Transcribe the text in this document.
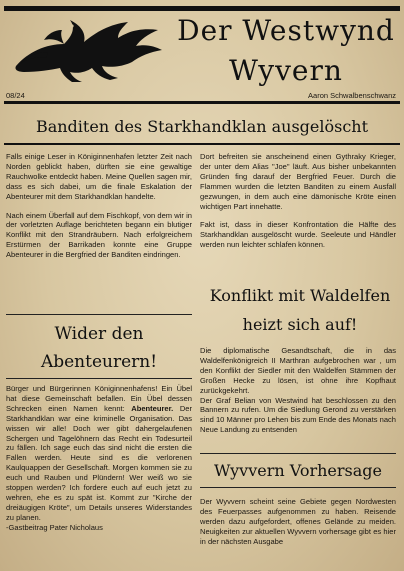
Der Westwynd
Wyvern
08/24	Aaron Schwalbenschwanz
Banditen des Starkhandklan ausgelöscht

Falls einige Leser in Königinnenhafen letzter Zeit nach Norden geblickt haben, dürften sie eine gewaltige Rauchwolke entdeckt haben. Meine Quellen sagen mir, dass es sich dabei, um die finale Eskalation der Abenteurer mit dem Starkhandklan handelte.

Nach einem Überfall auf dem Fischkopf, von dem wir in der vorletzten Auflage berichteten begann ein blutiger Konflikt mit den Strandräubern. Nach erfolgreichem Erstürmen der Barrikaden konnte eine Gruppe Abenteurer in die Bergfried der Banditen eindringen.

Dort befreiten sie anscheinend einen Gythraky Krieger, der unter dem Alias "Joe" läuft. Aus bisher unbekannten Gründen fing darauf der Bergfried Feuer. Durch die Flammen wurden die letzten Banditen zu einem Ausfall gezwungen, in dem auch eine dämonische Kröte einen wichtigen Part innehatte.

Fakt ist, dass in dieser Konfrontation die Hälfte des Starkhandklan ausgelöscht wurde. Seeleute und Händler werden nun leichter schlafen können.

Konflikt mit Waldelfen
heizt sich auf!
Wider den
Abenteurern!
Bürger und Bürgerinnen Königinnenhafens! Ein Übel hat diese Gemeinschaft befallen. Ein Übel dessen Schrecken einen Namen kennt: Abenteurer. Der Starkhandklan war eine kriminelle Organisation. Das wissen wir alle! Doch wer gibt dahergelaufenen Schergen und Tagelöhnern das Recht ein Todesurteil zu fällen. Ich sage euch das sind nicht die ersten die Fallen werden. Heute sind es die verlorenen Kaulquappen der Gesellschaft. Morgen kommen sie zu euch und Rauben und Plündern! Wer weiß wo sie stoppen werden? Ich fordere euch auf euch jetzt zu wehren, ehe es zu spät ist. Kommt zur "Kirche der dreiäugigen Kröte", um Details unseres Widerstandes zu planen.
-Gastbeitrag Pater Nicholaus
Die diplomatische Gesandtschaft, die in das Waldelfenkönigreich II Marthran aufgebrochen war , um den Konflikt der Siedler mit den Waldelfen Stämmen der Großen Hecke zu lösen, ist ohne ihre Kopfhaut zurückgekehrt.
Der Graf Belian von Westwind hat beschlossen zu den Bannern zu rufen. Um die Siedlung Gerond zu verstärken sind 10 Männer pro Lehen bis zum Ende des Monats nach Neue Landung zu entsenden
Wyvvern Vorhersage
Der Wyvvern scheint seine Gebiete gegen Nordwesten des Feuerpasses aufgenommen zu haben. Reisende werden dazu aufgefordert, offenes Gelände zu meiden. Neuigkeiten zur aktuellen Wyvvern vorhersage gibt es hier in der nächsten Ausgabe
